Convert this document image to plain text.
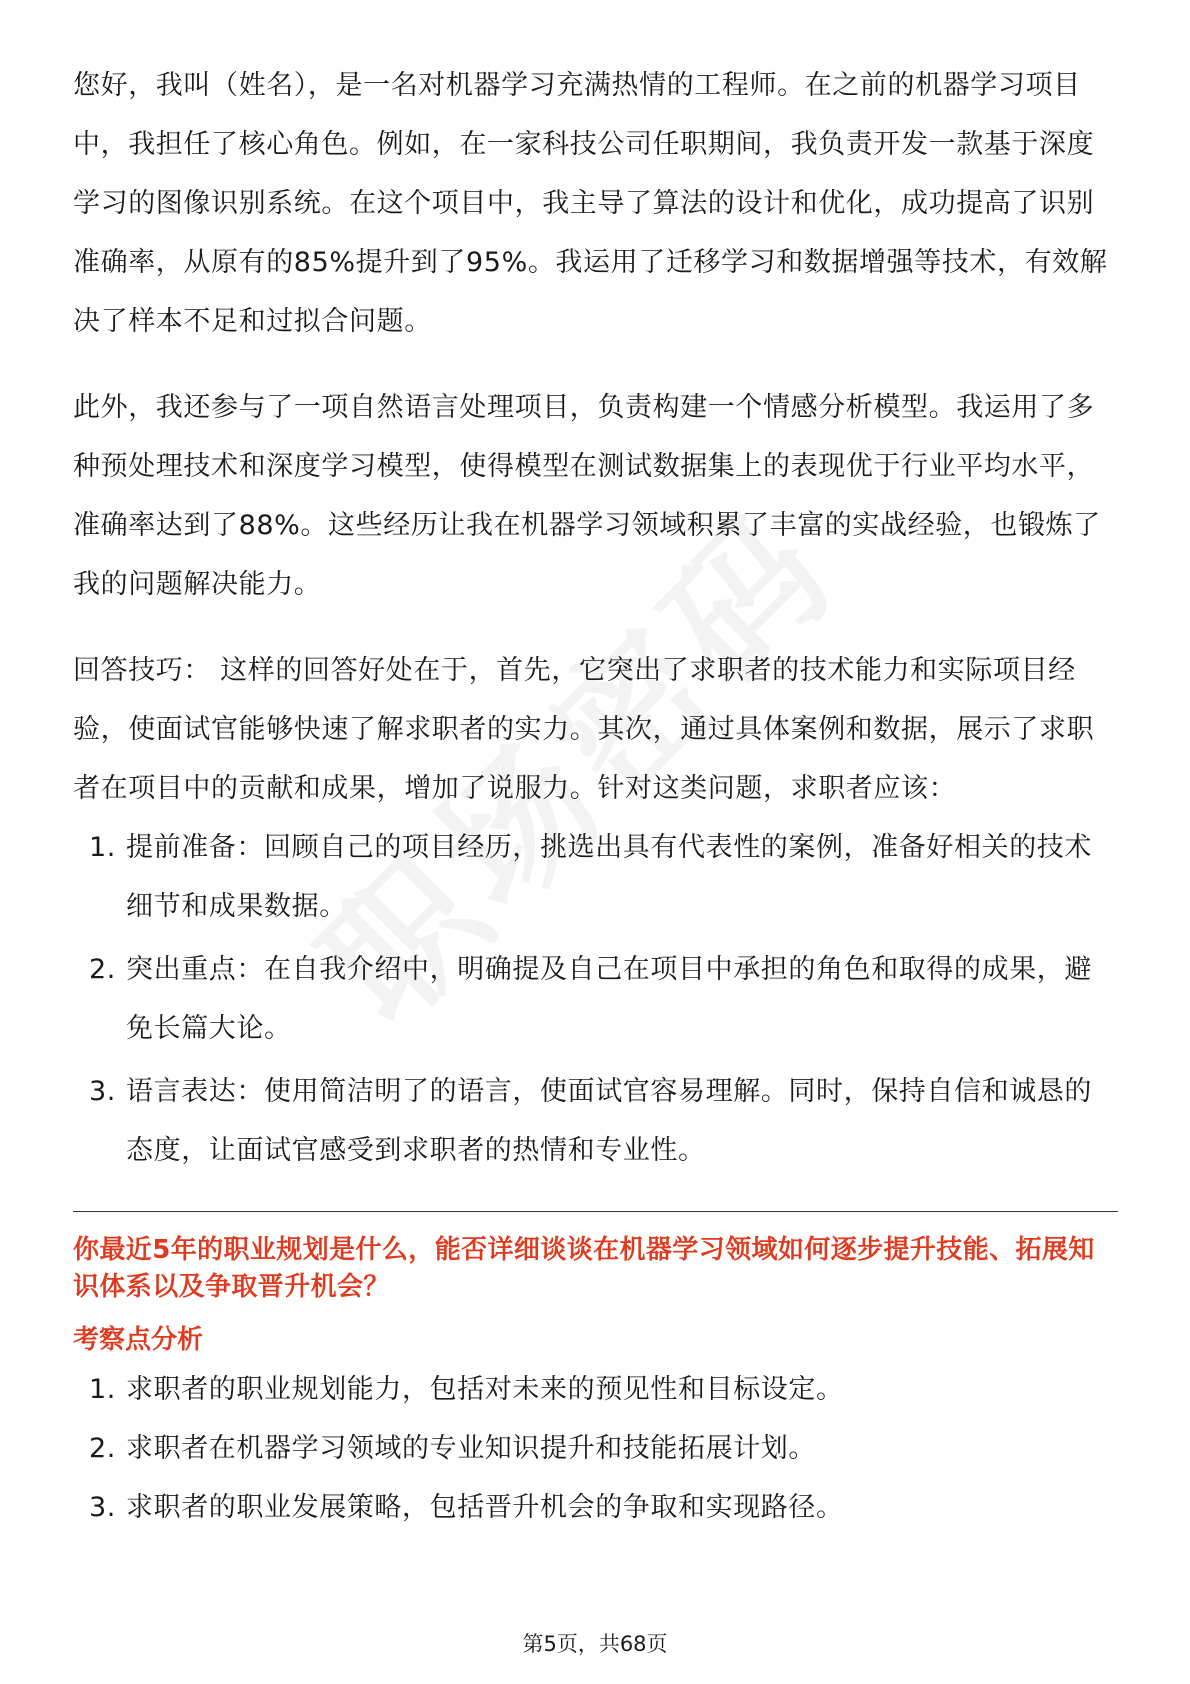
您好，我叫（姓名），是一名对机器学习充满热情的工程师。在之前的机器学习项目中，我担任了核心角色。例如，在一家科技公司任职期间，我负责开发一款基于深度学习的图像识别系统。在这个项目中，我主导了算法的设计和优化，成功提高了识别准确率，从原有的85%提升到了95%。我运用了迁移学习和数据增强等技术，有效解决了样本不足和过拟合问题。

此外，我还参与了一项自然语言处理项目，负责构建一个情感分析模型。我运用了多种预处理技术和深度学习模型，使得模型在测试数据集上的表现优于行业平均水平，准确率达到了88%。这些经历让我在机器学习领域积累了丰富的实战经验，也锻炼了我的问题解决能力。

回答技巧： 这样的回答好处在于，首先，它突出了求职者的技术能力和实际项目经验，使面试官能够快速了解求职者的实力。其次，通过具体案例和数据，展示了求职者在项目中的贡献和成果，增加了说服力。针对这类问题，求职者应该：

1. 提前准备：回顾自己的项目经历，挑选出具有代表性的案例，准备好相关的技术细节和成果数据。
2. 突出重点：在自我介绍中，明确提及自己在项目中承担的角色和取得的成果，避免长篇大论。
3. 语言表达：使用简洁明了的语言，使面试官容易理解。同时，保持自信和诚恳的态度，让面试官感受到求职者的热情和专业性。

你最近5年的职业规划是什么，能否详细谈谈在机器学习领域如何逐步提升技能、拓展知识体系以及争取晋升机会？

考察点分析

1. 求职者的职业规划能力，包括对未来的预见性和目标设定。
2. 求职者在机器学习领域的专业知识提升和技能拓展计划。
3. 求职者的职业发展策略，包括晋升机会的争取和实现路径。
第5页，共68页
